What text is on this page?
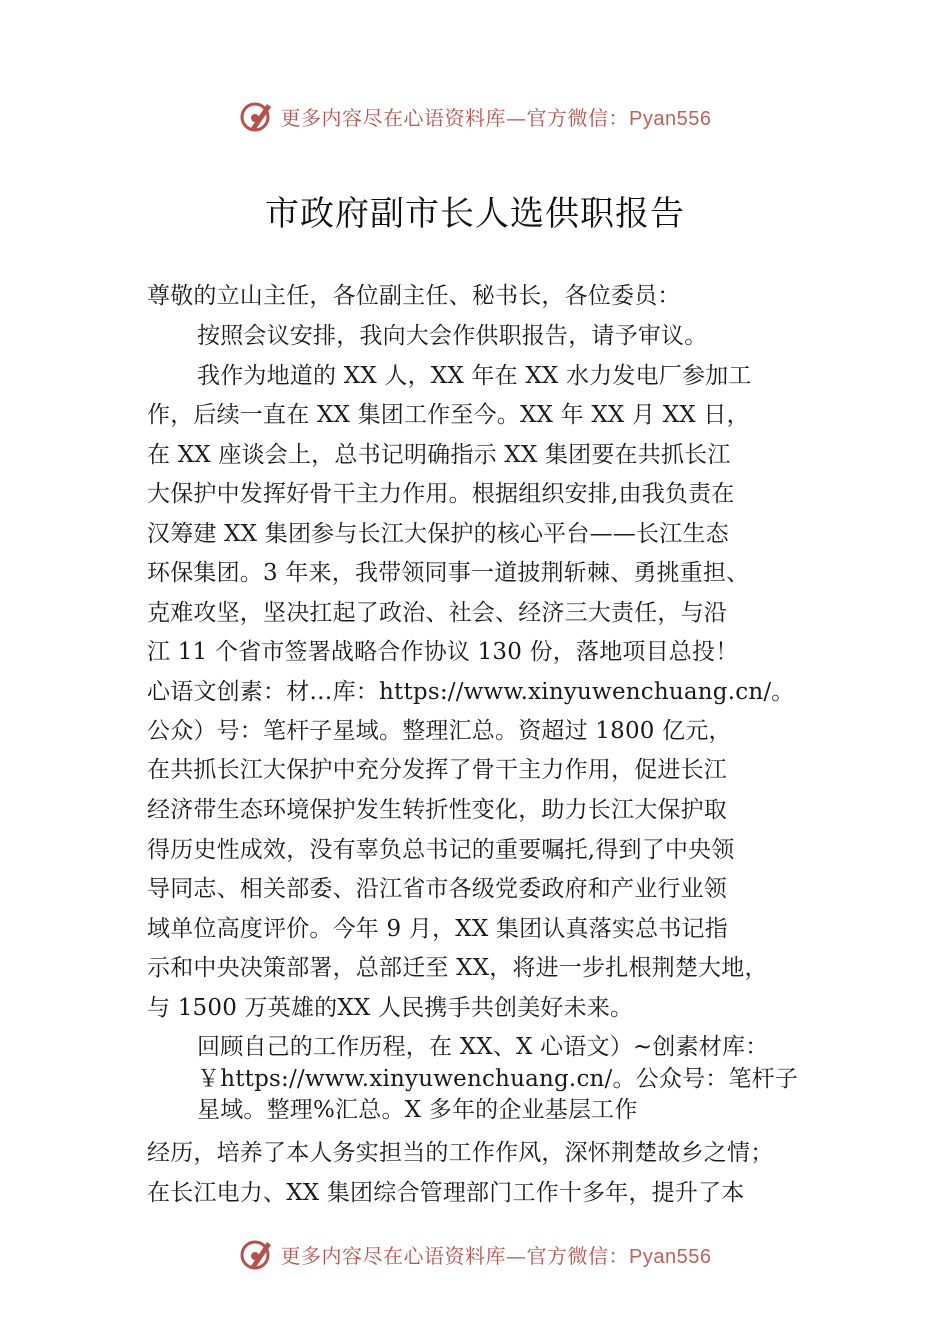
更多内容尽在心语资料库—官方微信：Pyan556
市政府副市长人选供职报告
尊敬的立山主任，各位副主任、秘书长，各位委员：
按照会议安排，我向大会作供职报告，请予审议。
我作为地道的 XX 人，XX 年在 XX 水力发电厂参加工
作，后续一直在 XX 集团工作至今。XX 年 XX 月 XX 日，
在 XX 座谈会上，总书记明确指示 XX 集团要在共抓长江
大保护中发挥好骨干主力作用。根据组织安排,由我负责在
汉筹建 XX 集团参与长江大保护的核心平台——长江生态
环保集团。3 年来，我带领同事一道披荆斩棘、勇挑重担、
克难攻坚，坚决扛起了政治、社会、经济三大责任，与沿
江 11 个省市签署战略合作协议 130 份，落地项目总投！
心语文创素：材…库：https://www.xinyuwenchuang.cn/。
公众）号：笔杆子星域。整理汇总。资超过 1800 亿元，
在共抓长江大保护中充分发挥了骨干主力作用，促进长江
经济带生态环境保护发生转折性变化，助力长江大保护取
得历史性成效，没有辜负总书记的重要嘱托,得到了中央领
导同志、相关部委、沿江省市各级党委政府和产业行业领
域单位高度评价。今年 9 月，XX 集团认真落实总书记指
示和中央决策部署，总部迁至 XX，将进一步扎根荆楚大地，
与 1500 万英雄的XX 人民携手共创美好未来。
回顾自己的工作历程，在 XX、X 心语文）~创素材库：
￥https://www.xinyuwenchuang.cn/。公众号：笔杆子
星域。整理%汇总。X 多年的企业基层工作
经历，培养了本人务实担当的工作作风，深怀荆楚故乡之情；
在长江电力、XX 集团综合管理部门工作十多年，提升了本
更多内容尽在心语资料库—官方微信：Pyan556
